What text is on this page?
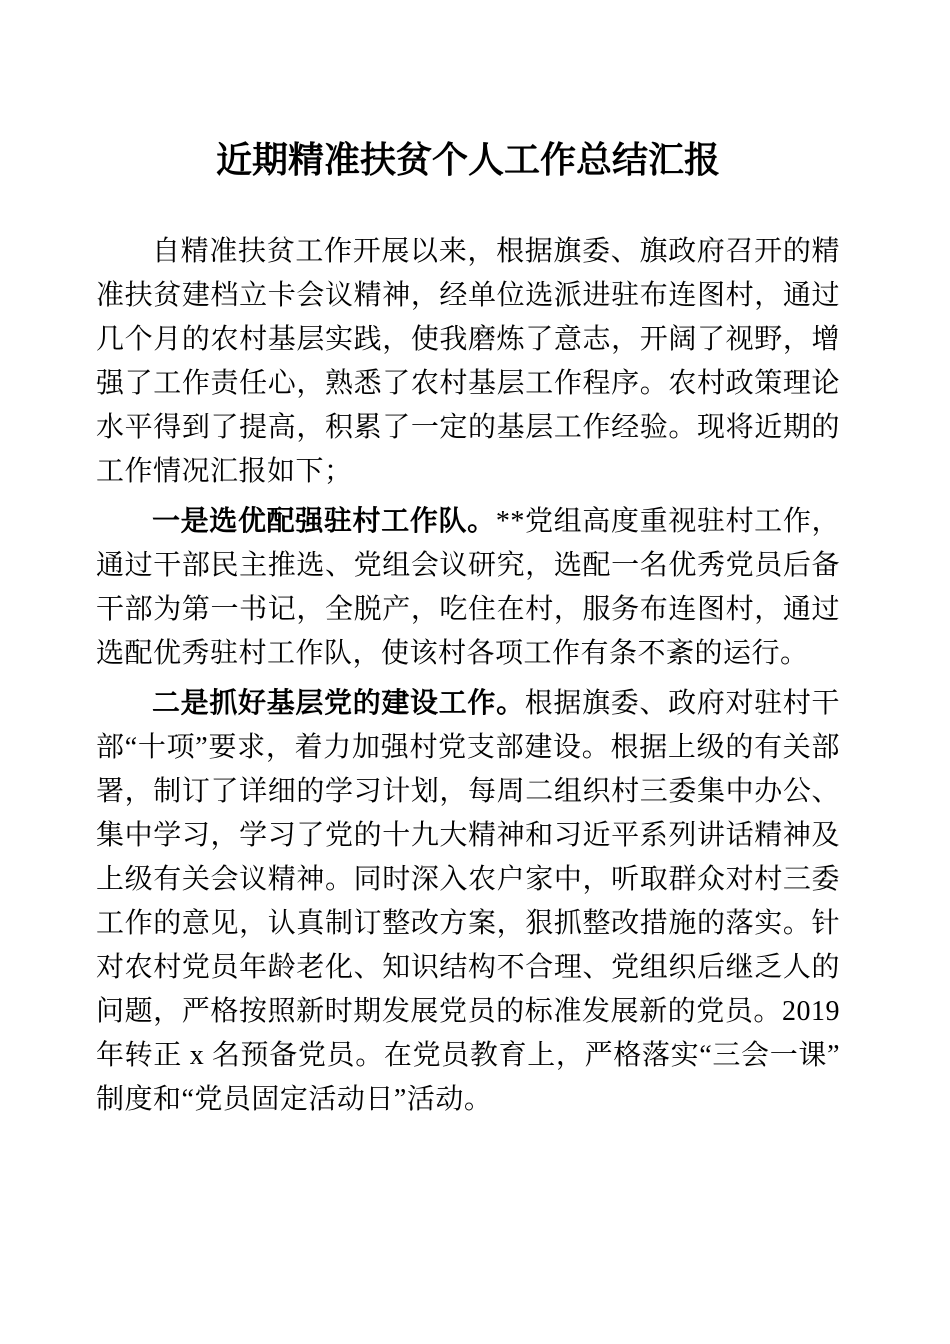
近期精准扶贫个人工作总结汇报

自精准扶贫工作开展以来，根据旗委、旗政府召开的精准扶贫建档立卡会议精神，经单位选派进驻布连图村，通过几个月的农村基层实践，使我磨炼了意志，开阔了视野，增强了工作责任心，熟悉了农村基层工作程序。农村政策理论水平得到了提高，积累了一定的基层工作经验。现将近期的工作情况汇报如下；

一是选优配强驻村工作队。**党组高度重视驻村工作，通过干部民主推选、党组会议研究，选配一名优秀党员后备干部为第一书记，全脱产，吃住在村，服务布连图村，通过选配优秀驻村工作队，使该村各项工作有条不紊的运行。

二是抓好基层党的建设工作。根据旗委、政府对驻村干部“十项”要求，着力加强村党支部建设。根据上级的有关部署，制订了详细的学习计划，每周二组织村三委集中办公、集中学习，学习了党的十九大精神和习近平系列讲话精神及上级有关会议精神。同时深入农户家中，听取群众对村三委工作的意见，认真制订整改方案，狠抓整改措施的落实。针对农村党员年龄老化、知识结构不合理、党组织后继乏人的问题，严格按照新时期发展党员的标准发展新的党员。2019 年转正 x 名预备党员。在党员教育上，严格落实“三会一课”制度和“党员固定活动日”活动。
